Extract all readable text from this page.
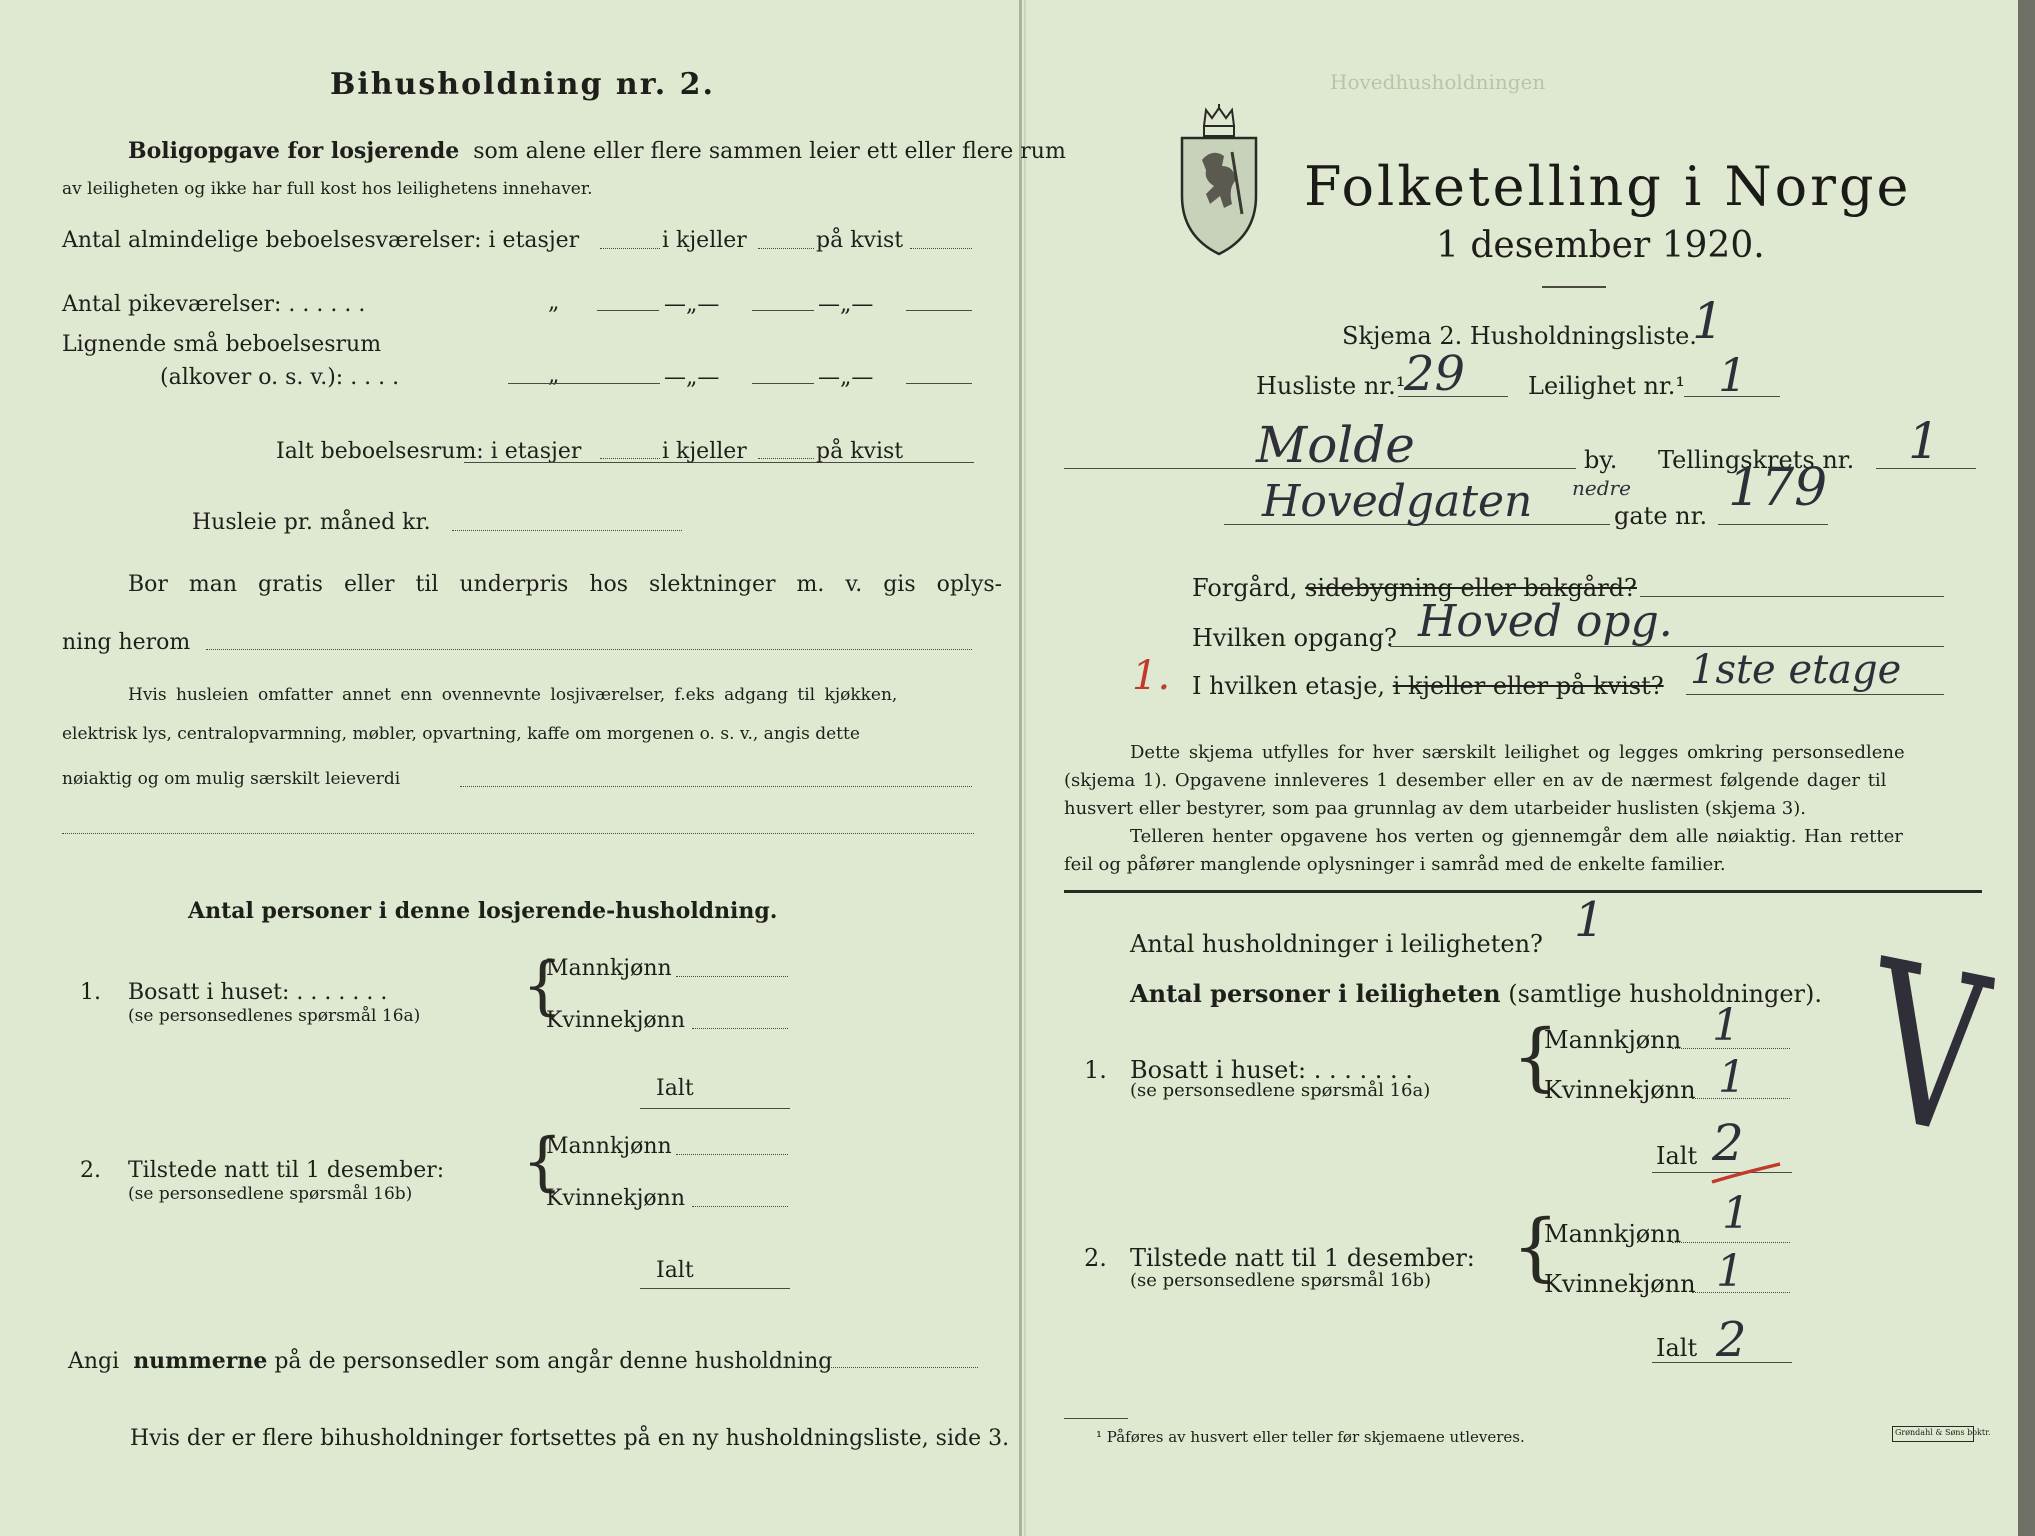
Hovedhusholdningen
Bihusholdning nr. 2.
Boligopgave for losjerende som alene eller flere sammen leier ett eller flere rum
av leiligheten og ikke har full kost hos leilighetens innehaver.
Antal almindelige beboelsesværelser: i etasjer	i kjeller	på kvist
Antal pikeværelser: . . . . . .	„	—„—	—„—
Lignende små beboelsesrum
(alkover o. s. v.): . . . .	„	—„—	—„—
Ialt beboelsesrum: i etasjer	i kjeller	på kvist
Husleie pr. måned kr.
Bor man gratis eller til underpris hos slektninger m. v. gis oplys-
ning herom
Hvis husleien omfatter annet enn ovennevnte losjiværelser, f.eks adgang til kjøkken,
elektrisk lys, centralopvarmning, møbler, opvartning, kaffe om morgenen o. s. v., angis dette
nøiaktig og om mulig særskilt leieverdi
Antal personer i denne losjerende-husholdning.
1. Bosatt i huset: . . . . . . .
(se personsedlenes spørsmål 16a) {
Mannkjønn
Kvinnekjønn
Ialt
2. Tilstede natt til 1 desember:
(se personsedlene spørsmål 16b) {
Mannkjønn
Kvinnekjønn
Ialt
Angi nummerne på de personsedler som angår denne husholdning
Hvis der er flere bihusholdninger fortsettes på en ny husholdningsliste, side 3.
Folketelling i Norge
1 desember 1920.
Skjema 2. Husholdningsliste.
1
Husliste nr.¹
29	Leilighet nr.¹ 1
Molde	by. Tellingskrets nr. 1
Hovedgaten nedre
gate nr. 179
Forgård, sidebygning eller bakgård?
Hvilken opgang? Hoved opg.
1. I hvilken etasje, i kjeller eller på kvist? 1ste etage
Dette skjema utfylles for hver særskilt leilighet og legges omkring personsedlene
(skjema 1). Opgavene innleveres 1 desember eller en av de nærmest følgende dager til
husvert eller bestyrer, som paa grunnlag av dem utarbeider huslisten (skjema 3).
Telleren henter opgavene hos verten og gjennemgår dem alle nøiaktig. Han retter
feil og påfører manglende oplysninger i samråd med de enkelte familier.
Antal husholdninger i leiligheten? 1
Antal personer i leiligheten (samtlige husholdninger). V
1. Bosatt i huset: . . . . . . .
(se personsedlene spørsmål 16a) {
Mannkjønn 1
Kvinnekjønn 1
Ialt 2
2. Tilstede natt til 1 desember:
(se personsedlene spørsmål 16b) {
Mannkjønn 1
Kvinnekjønn 1
Ialt 2
¹ Påføres av husvert eller teller før skjemaene utleveres.	Grøndahl & Søns boktr.
